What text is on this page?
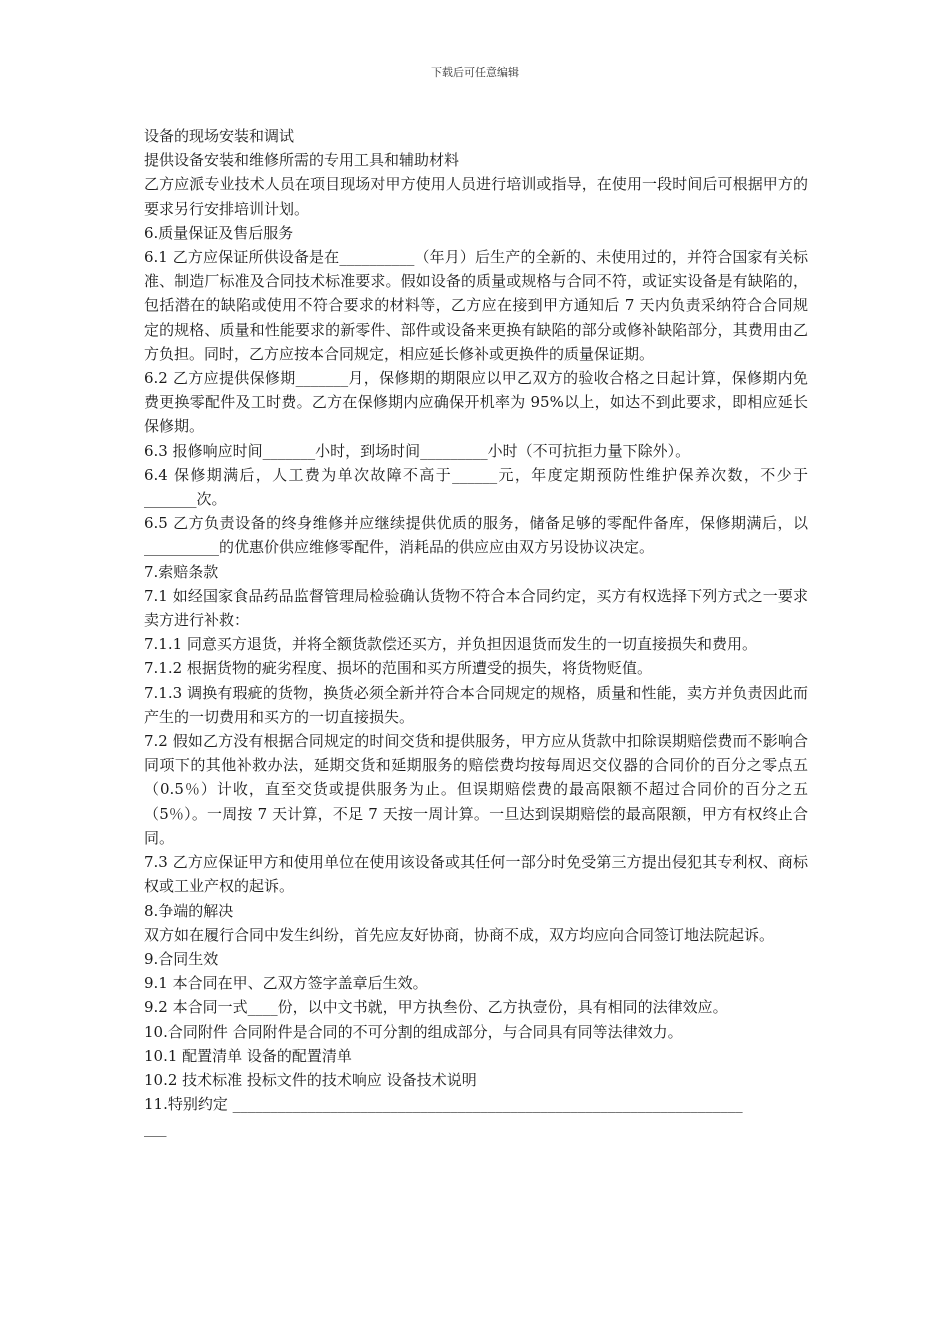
下载后可任意编辑

设备的现场安装和调试

提供设备安装和维修所需的专用工具和辅助材料

乙方应派专业技术人员在项目现场对甲方使用人员进行培训或指导，在使用一段时间后可根据甲方的要求另行安排培训计划。

6.质量保证及售后服务

6.1 乙方应保证所供设备是在__________（年月）后生产的全新的、未使用过的，并符合国家有关标准、制造厂标准及合同技术标准要求。假如设备的质量或规格与合同不符，或证实设备是有缺陷的，包括潜在的缺陷或使用不符合要求的材料等，乙方应在接到甲方通知后 7 天内负责采纳符合合同规定的规格、质量和性能要求的新零件、部件或设备来更换有缺陷的部分或修补缺陷部分，其费用由乙方负担。同时，乙方应按本合同规定，相应延长修补或更换件的质量保证期。

6.2 乙方应提供保修期_______月，保修期的期限应以甲乙双方的验收合格之日起计算，保修期内免费更换零配件及工时费。乙方在保修期内应确保开机率为 95%以上，如达不到此要求，即相应延长保修期。

6.3 报修响应时间_______小时，到场时间_________小时（不可抗拒力量下除外）。

6.4 保修期满后，人工费为单次故障不高于______元，年度定期预防性维护保养次数，不少于_______次。

6.5 乙方负责设备的终身维修并应继续提供优质的服务，储备足够的零配件备库，保修期满后，以__________的优惠价供应维修零配件，消耗品的供应应由双方另设协议决定。

7.索赔条款

7.1 如经国家食品药品监督管理局检验确认货物不符合本合同约定，买方有权选择下列方式之一要求卖方进行补救：

7.1.1 同意买方退货，并将全额货款偿还买方，并负担因退货而发生的一切直接损失和费用。

7.1.2 根据货物的疵劣程度、损坏的范围和买方所遭受的损失，将货物贬值。

7.1.3 调换有瑕疵的货物，换货必须全新并符合本合同规定的规格，质量和性能，卖方并负责因此而产生的一切费用和买方的一切直接损失。

7.2 假如乙方没有根据合同规定的时间交货和提供服务，甲方应从货款中扣除误期赔偿费而不影响合同项下的其他补救办法，延期交货和延期服务的赔偿费均按每周迟交仪器的合同价的百分之零点五（0.5％）计收，直至交货或提供服务为止。但误期赔偿费的最高限额不超过合同价的百分之五（5％）。一周按 7 天计算，不足 7 天按一周计算。一旦达到误期赔偿的最高限额，甲方有权终止合同。

7.3 乙方应保证甲方和使用单位在使用该设备或其任何一部分时免受第三方提出侵犯其专利权、商标权或工业产权的起诉。

8.争端的解决

双方如在履行合同中发生纠纷，首先应友好协商，协商不成，双方均应向合同签订地法院起诉。

9.合同生效

9.1 本合同在甲、乙双方签字盖章后生效。

9.2 本合同一式____份，以中文书就，甲方执叁份、乙方执壹份，具有相同的法律效应。

10.合同附件 合同附件是合同的不可分割的组成部分，与合同具有同等法律效力。

10.1 配置清单 设备的配置清单

10.2 技术标准 投标文件的技术响应 设备技术说明

11.特别约定 ____________________________________________________________________

___
